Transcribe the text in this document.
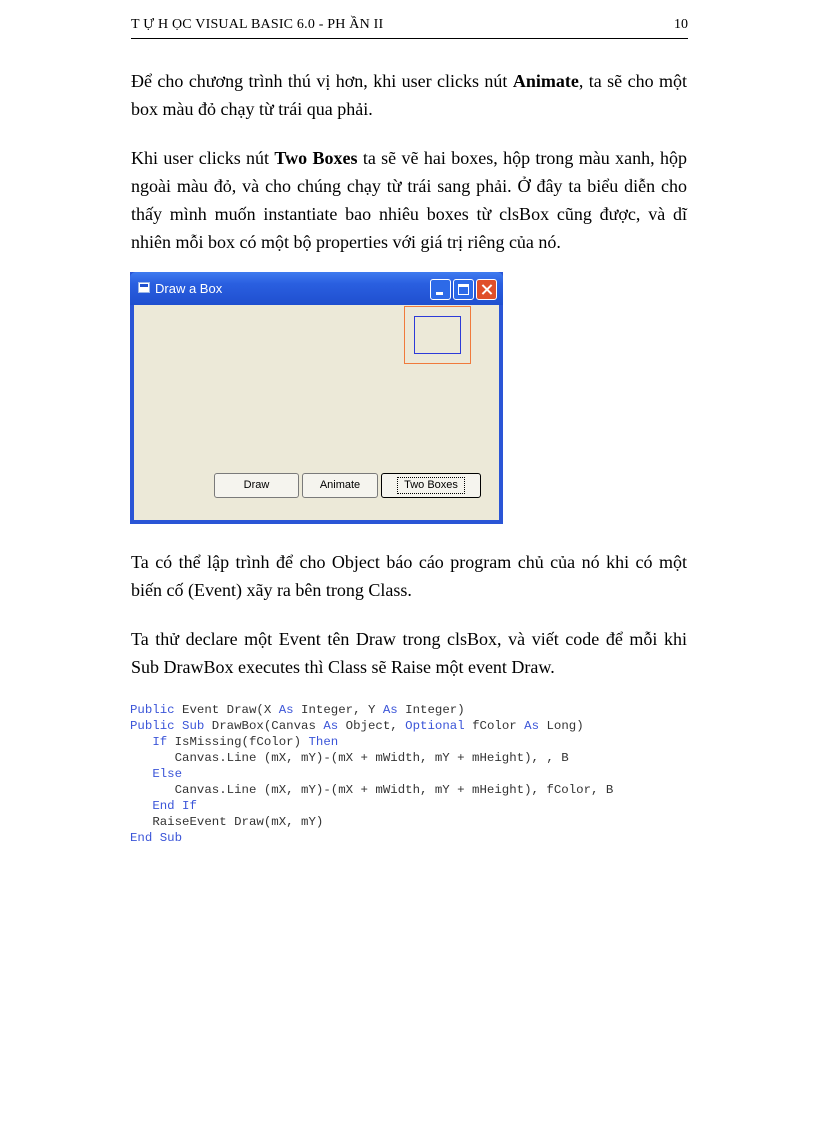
T Ự H ỌC VISUAL BASIC 6.0 - PH ẦN II	10

Để cho chương trình thú vị hơn, khi user clicks nút Animate, ta sẽ cho một box màu đỏ chạy từ trái qua phải.

Khi user clicks nút Two Boxes ta sẽ vẽ hai boxes, hộp trong màu xanh, hộp ngoài màu đỏ, và cho chúng chạy từ trái sang phải. Ở đây ta biểu diễn cho thấy mình muốn instantiate bao nhiêu boxes từ clsBox cũng được, và dĩ nhiên mỗi box có một bộ properties với giá trị riêng của nó.

Draw a Box
Draw	Animate	Two Boxes

Ta có thể lập trình để cho Object báo cáo program chủ của nó khi có một biến cố (Event) xãy ra bên trong Class.

Ta thử declare một Event tên Draw trong clsBox, và viết code để mỗi khi Sub DrawBox executes thì Class sẽ Raise một event Draw.

Public Event Draw(X As Integer, Y As Integer)
Public Sub DrawBox(Canvas As Object, Optional fColor As Long)
If IsMissing(fColor) Then
Canvas.Line (mX, mY)-(mX + mWidth, mY + mHeight), , B
Else
Canvas.Line (mX, mY)-(mX + mWidth, mY + mHeight), fColor, B
End If
RaiseEvent Draw(mX, mY)
End Sub
